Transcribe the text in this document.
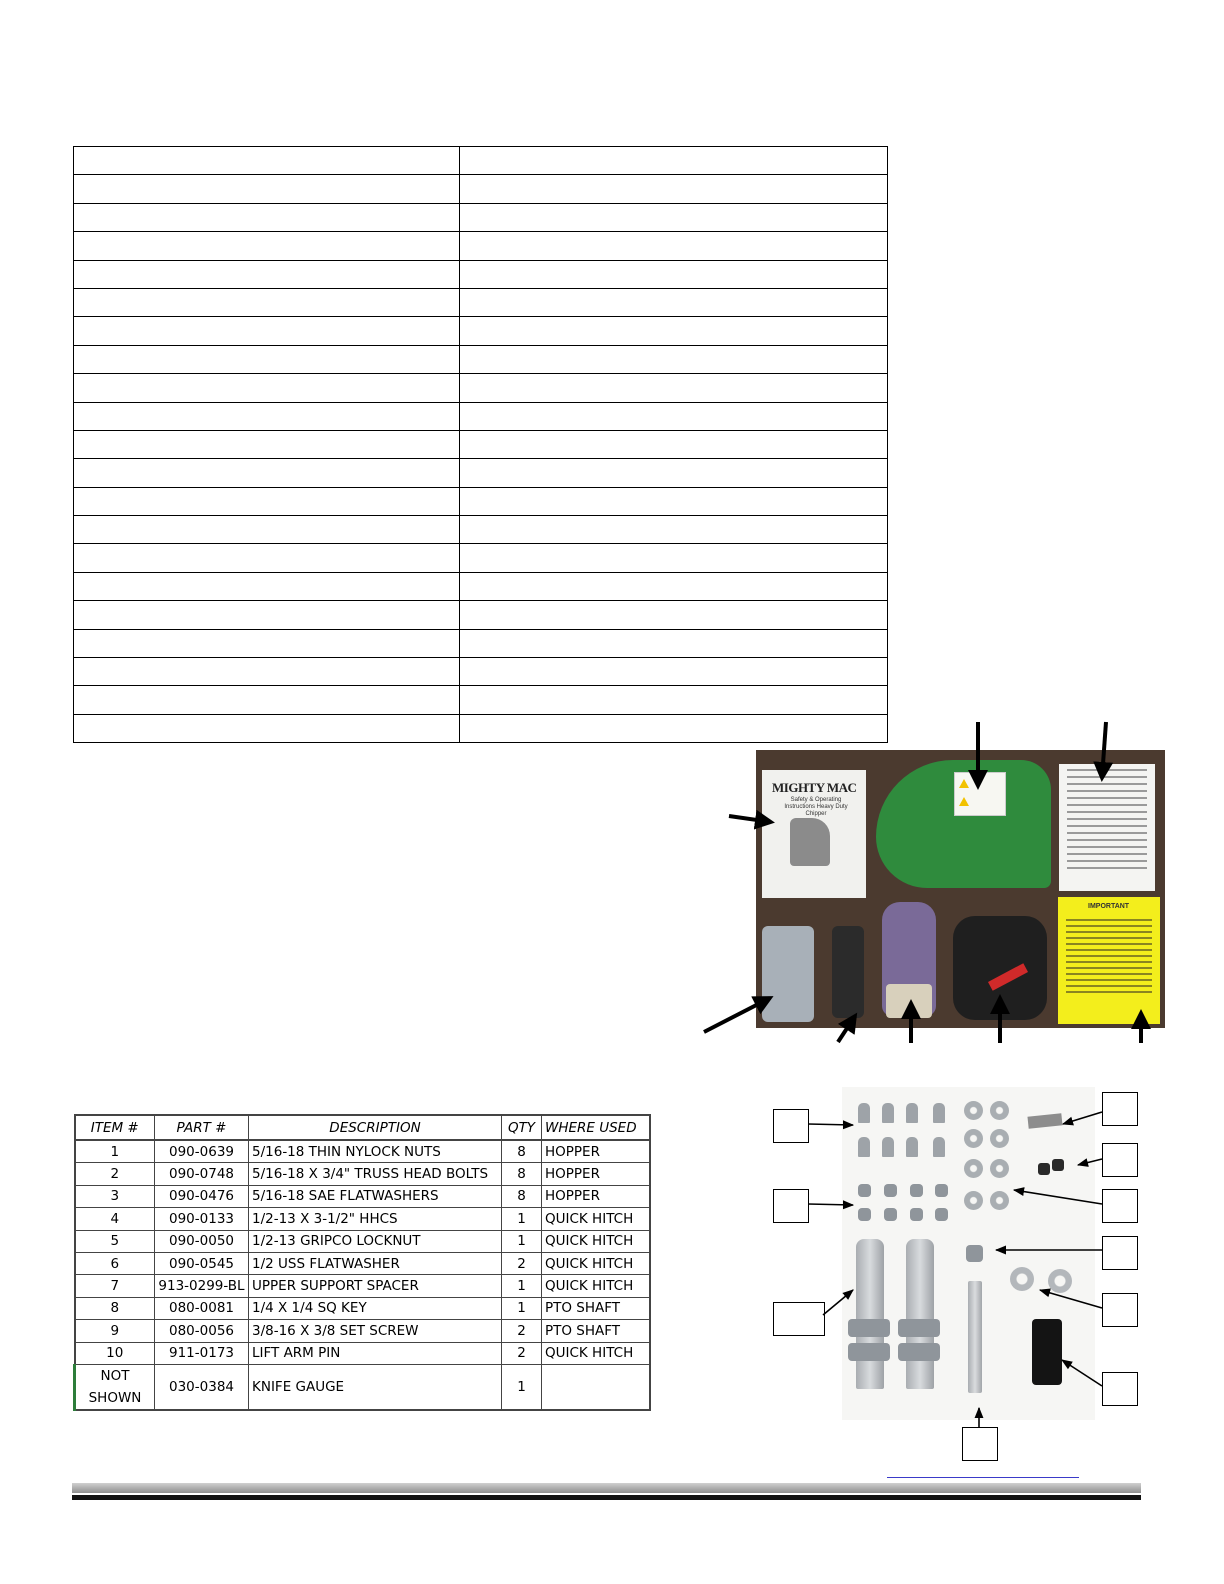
MIGHTY MAC
Safety & Operating Instructions Heavy Duty Chipper
IMPORTANT
ITEM #	PART #	DESCRIPTION	QTY	WHERE USED
1	090-0639	5/16-18 THIN NYLOCK NUTS	8	HOPPER
2	090-0748	5/16-18 X 3/4" TRUSS HEAD BOLTS	8	HOPPER
3	090-0476	5/16-18 SAE FLATWASHERS	8	HOPPER
4	090-0133	1/2-13 X 3-1/2" HHCS	1	QUICK HITCH
5	090-0050	1/2-13 GRIPCO LOCKNUT	1	QUICK HITCH
6	090-0545	1/2 USS FLATWASHER	2	QUICK HITCH
7	913-0299-BL	UPPER SUPPORT SPACER	1	QUICK HITCH
8	080-0081	1/4 X 1/4 SQ KEY	1	PTO SHAFT
9	080-0056	3/8-16 X 3/8 SET SCREW	2	PTO SHAFT
10	911-0173	LIFT ARM PIN	2	QUICK HITCH
NOT SHOWN	030-0384	KNIFE GAUGE	1	
